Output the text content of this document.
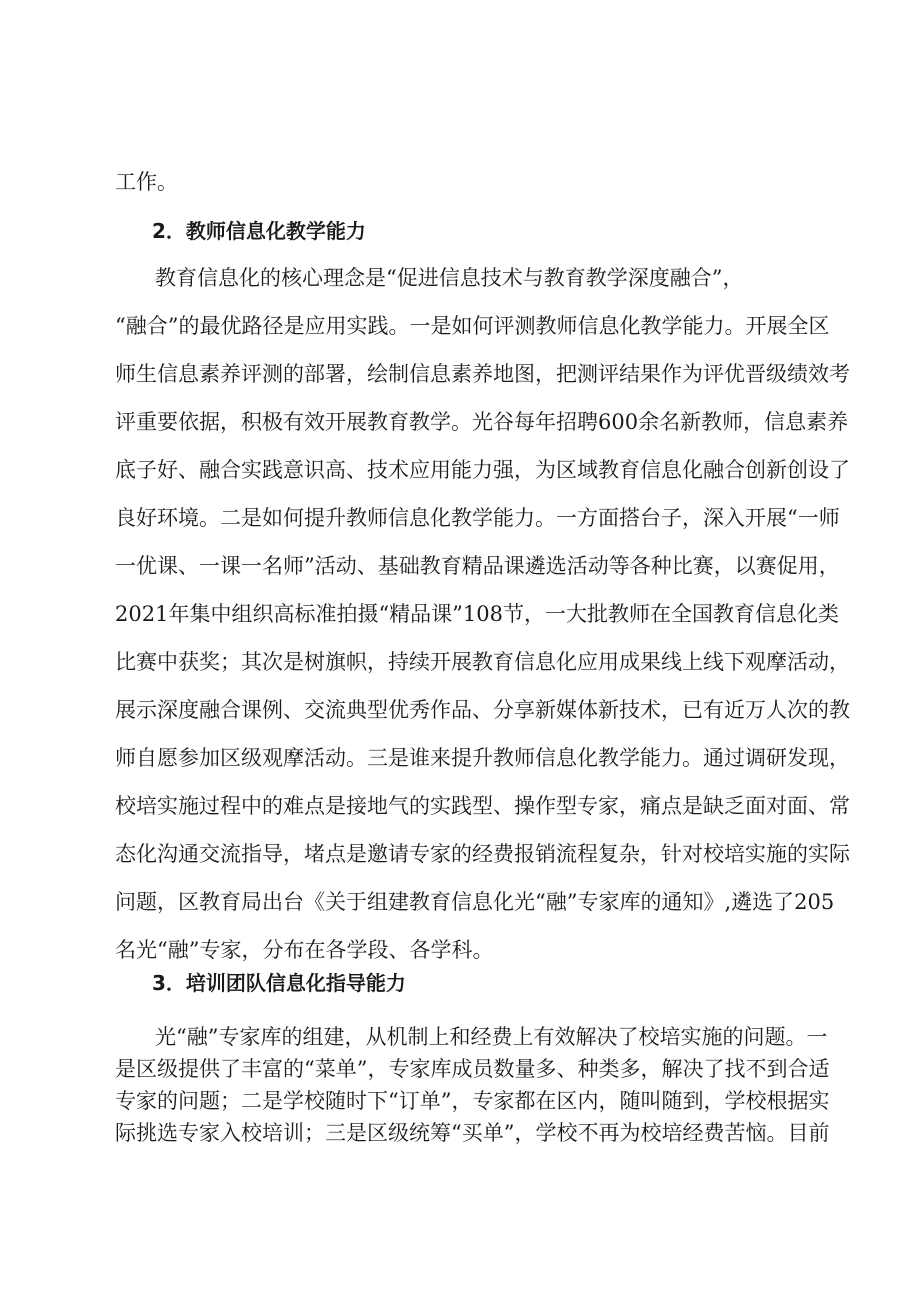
工作。
2．教师信息化教学能力
教育信息化的核心理念是“促进信息技术与教育教学深度融合”，
“融合”的最优路径是应用实践。一是如何评测教师信息化教学能力。开展全区
师生信息素养评测的部署，绘制信息素养地图，把测评结果作为评优晋级绩效考
评重要依据，积极有效开展教育教学。光谷每年招聘600余名新教师，信息素养
底子好、融合实践意识高、技术应用能力强，为区域教育信息化融合创新创设了
良好环境。二是如何提升教师信息化教学能力。一方面搭台子，深入开展“一师
一优课、一课一名师”活动、基础教育精品课遴选活动等各种比赛，以赛促用，
2021年集中组织高标准拍摄“精品课”108节，一大批教师在全国教育信息化类
比赛中获奖；其次是树旗帜，持续开展教育信息化应用成果线上线下观摩活动，
展示深度融合课例、交流典型优秀作品、分享新媒体新技术，已有近万人次的教
师自愿参加区级观摩活动。三是谁来提升教师信息化教学能力。通过调研发现，
校培实施过程中的难点是接地气的实践型、操作型专家，痛点是缺乏面对面、常
态化沟通交流指导，堵点是邀请专家的经费报销流程复杂，针对校培实施的实际
问题，区教育局出台《关于组建教育信息化光“融”专家库的通知》,遴选了205
名光“融”专家，分布在各学段、各学科。
3．培训团队信息化指导能力
光“融”专家库的组建，从机制上和经费上有效解决了校培实施的问题。一
是区级提供了丰富的“菜单”，专家库成员数量多、种类多，解决了找不到合适
专家的问题；二是学校随时下“订单”，专家都在区内，随叫随到，学校根据实
际挑选专家入校培训；三是区级统筹“买单”，学校不再为校培经费苦恼。目前
